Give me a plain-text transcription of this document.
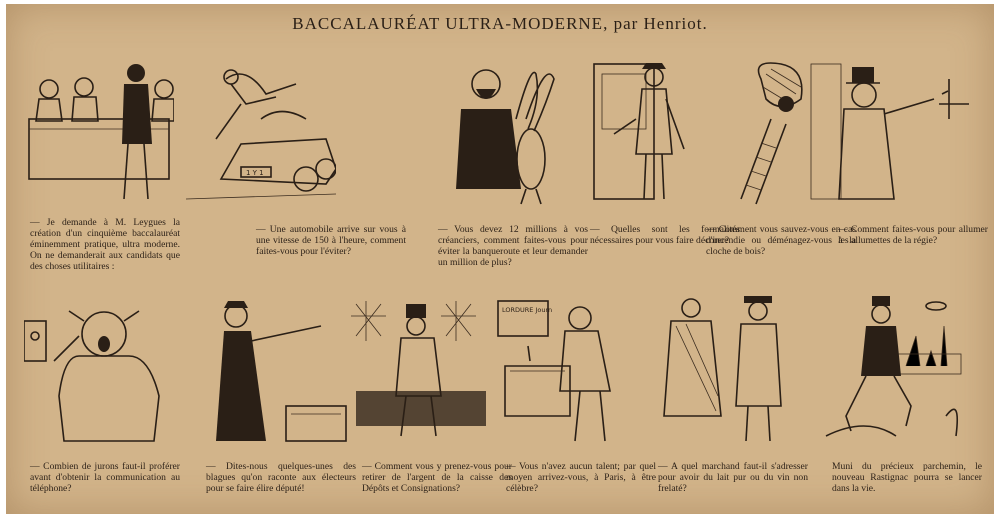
BACCALAURÉAT ULTRA-MODERNE, par Henriot.
— Je demande à M. Leygues la création d'un cinquième baccalauréat éminemment pratique, ultra moderne. On ne demanderait aux candidats que des choses utilitaires :
1 Y 1
— Une automobile arrive sur vous à une vitesse de 150 à l'heure, comment faites-vous pour l'éviter?
— Vous devez 12 millions à vos créanciers, comment faites-vous pour éviter la banqueroute et leur demander un million de plus?
— Quelles sont les formalités nécessaires pour vous faire décorer?
— Comment vous sauvez-vous en cas d'incendie ou déménagez-vous à la cloche de bois?
— Comment faites-vous pour allumer les allumettes de la régie?
— Combien de jurons faut-il proférer avant d'obtenir la communication au téléphone?
— Dites-nous quelques-unes des blagues qu'on raconte aux électeurs pour se faire élire député!
— Comment vous y prenez-vous pour retirer de l'argent de la caisse des Dépôts et Consignations?
LORDURE Journ
— Vous n'avez aucun talent; par quel moyen arrivez-vous, à Paris, à être célèbre?
— A quel marchand faut-il s'adresser pour avoir du lait pur ou du vin non frelaté?
Muni du précieux parchemin, le nouveau Rastignac pourra se lancer dans la vie.
